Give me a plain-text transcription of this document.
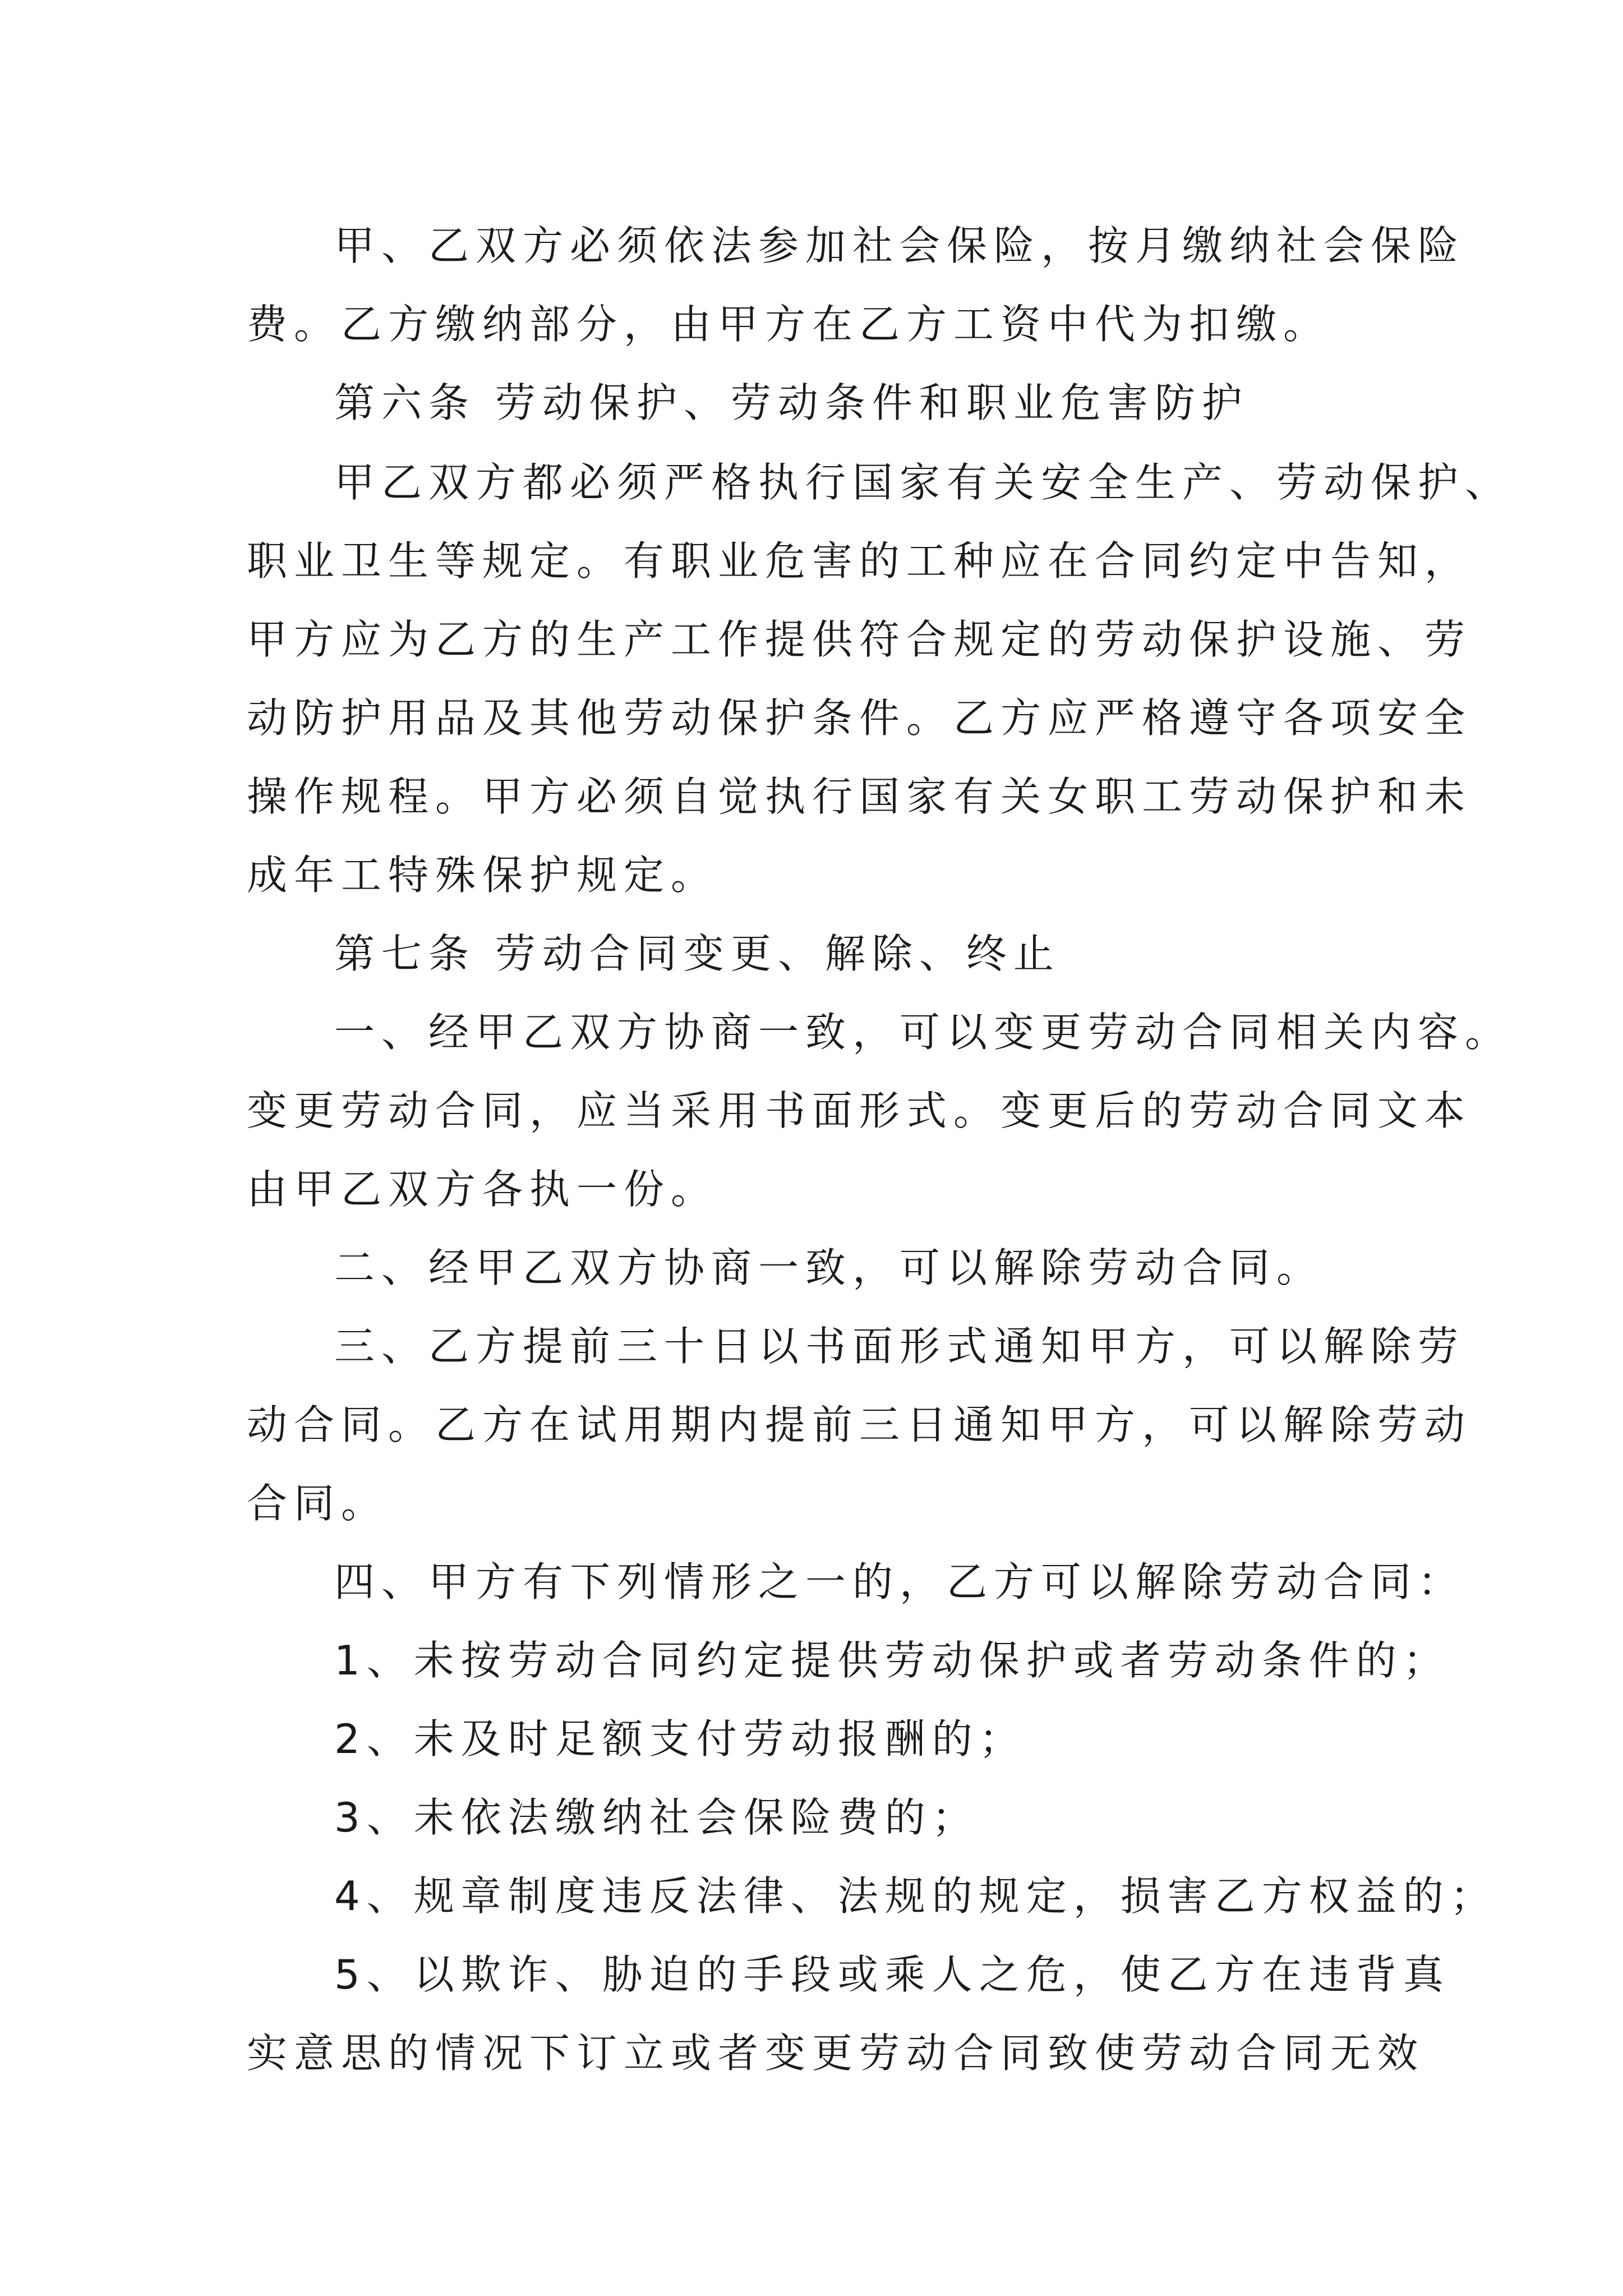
甲、乙双方必须依法参加社会保险，按月缴纳社会保险

费。乙方缴纳部分，由甲方在乙方工资中代为扣缴。

第六条 劳动保护、劳动条件和职业危害防护

甲乙双方都必须严格执行国家有关安全生产、劳动保护、

职业卫生等规定。有职业危害的工种应在合同约定中告知，

甲方应为乙方的生产工作提供符合规定的劳动保护设施、劳

动防护用品及其他劳动保护条件。乙方应严格遵守各项安全

操作规程。甲方必须自觉执行国家有关女职工劳动保护和未

成年工特殊保护规定。

第七条 劳动合同变更、解除、终止

一、经甲乙双方协商一致，可以变更劳动合同相关内容。

变更劳动合同，应当采用书面形式。变更后的劳动合同文本

由甲乙双方各执一份。

二、经甲乙双方协商一致，可以解除劳动合同。

三、乙方提前三十日以书面形式通知甲方，可以解除劳

动合同。乙方在试用期内提前三日通知甲方，可以解除劳动

合同。

四、甲方有下列情形之一的，乙方可以解除劳动合同：

1、未按劳动合同约定提供劳动保护或者劳动条件的；

2、未及时足额支付劳动报酬的；

3、未依法缴纳社会保险费的；

4、规章制度违反法律、法规的规定，损害乙方权益的；

5、以欺诈、胁迫的手段或乘人之危，使乙方在违背真

实意思的情况下订立或者变更劳动合同致使劳动合同无效
